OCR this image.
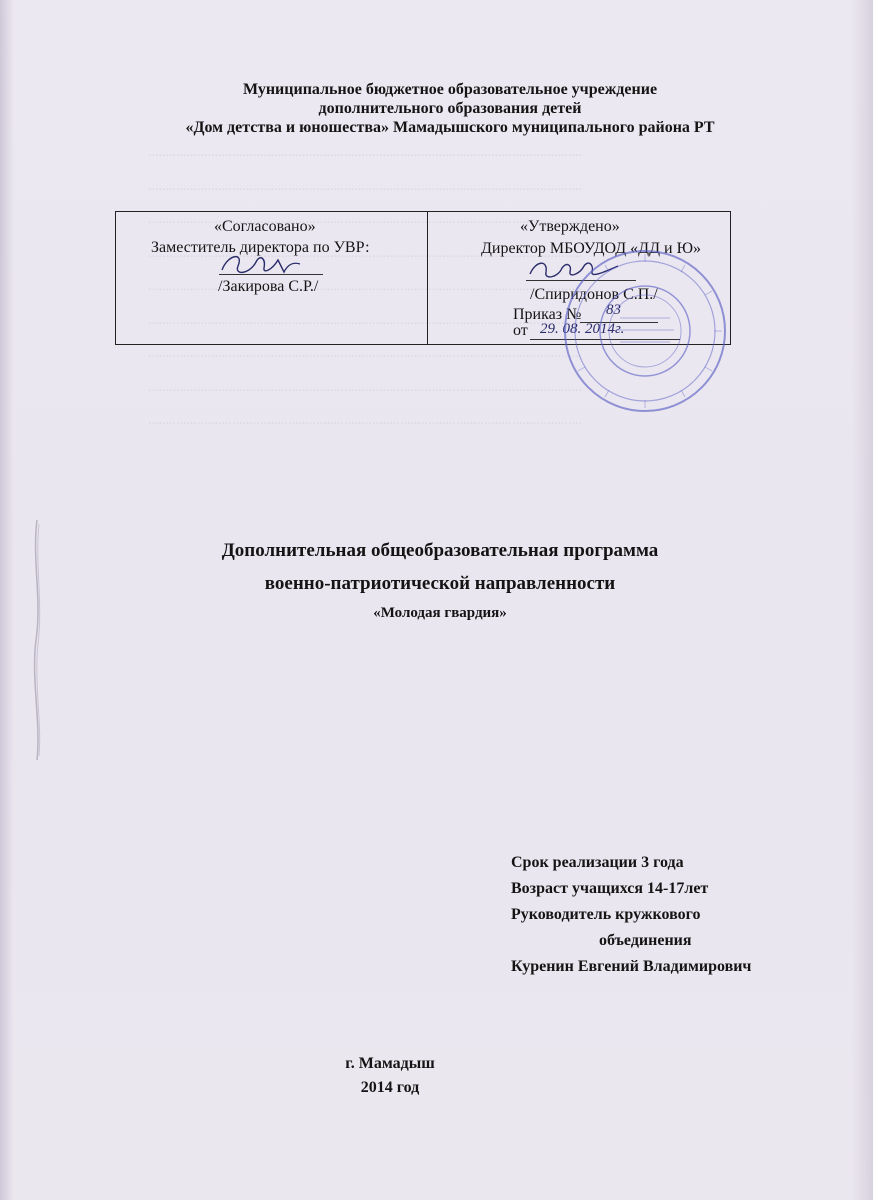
.....
.....
.....
.....
.....
.....
.....
.....
.....
Муниципальное бюджетное образовательное учреждение
дополнительного образования детей
«Дом детства и юношества» Мамадышского муниципального района РТ
«Согласовано»
Заместитель директора по УВР:
/Закирова С.Р./
«Утверждено»
Директор МБОУДОД «ДД и Ю»
/Спиридонов С.П./
Приказ № 83
от 29. 08. 2014г.
Дополнительная общеобразовательная программа
военно-патриотической направленности
«Молодая гвардия»
Срок реализации 3 года
Возраст учащихся 14-17лет
Руководитель кружкового
объединения
Куренин Евгений Владимирович
г. Мамадыш
2014 год
